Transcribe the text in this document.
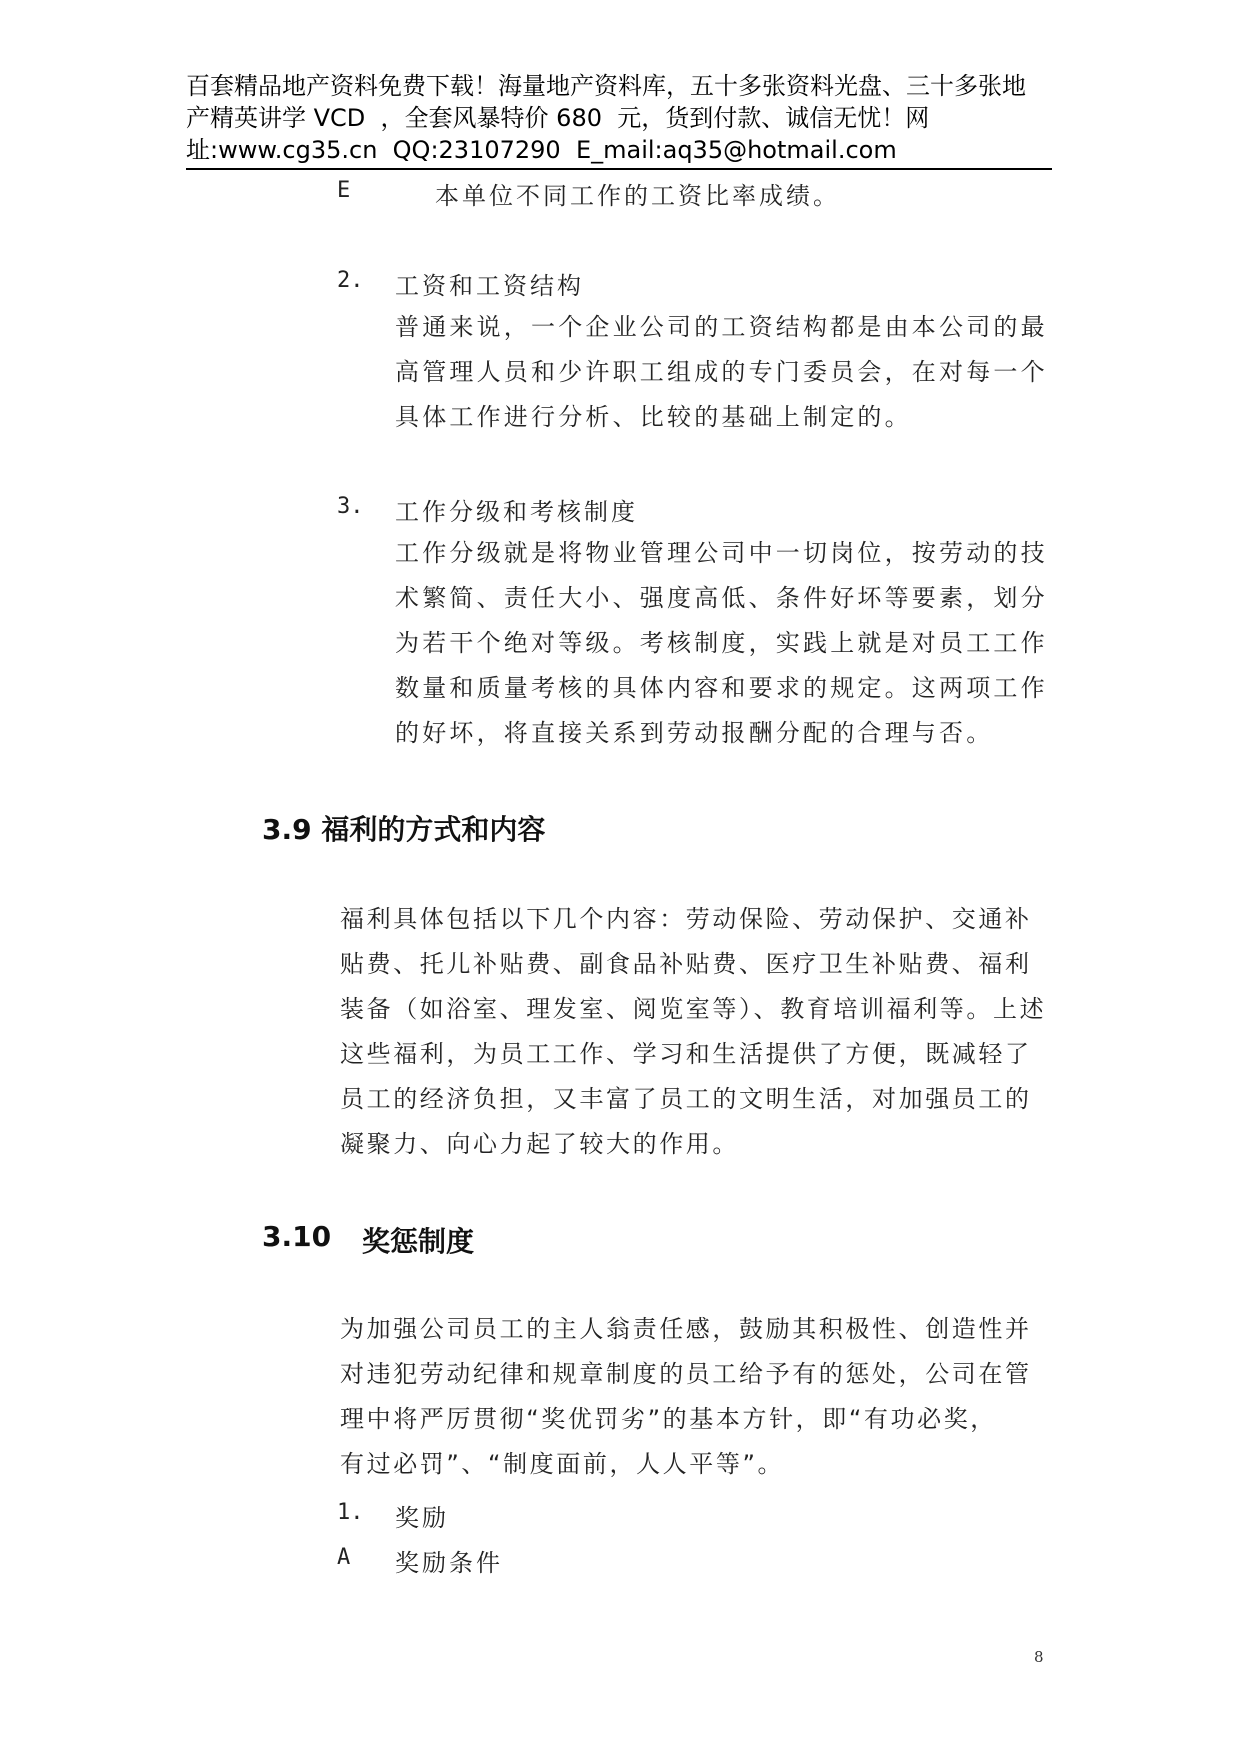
百套精品地产资料免费下载！海量地产资料库，五十多张资料光盘、三十多张地
产精英讲学 VCD  ，全套风暴特价 680  元，货到付款、诚信无忧！网
址:www.cg35.cn  QQ:23107290  E_mail:aq35@hotmail.com
E	本单位不同工作的工资比率成绩。
2. 工资和工资结构
普通来说，一个企业公司的工资结构都是由本公司的最
高管理人员和少许职工组成的专门委员会，在对每一个
具体工作进行分析、比较的基础上制定的。
3. 工作分级和考核制度
工作分级就是将物业管理公司中一切岗位，按劳动的技
术繁简、责任大小、强度高低、条件好坏等要素，划分
为若干个绝对等级。考核制度，实践上就是对员工工作
数量和质量考核的具体内容和要求的规定。这两项工作
的好坏，将直接关系到劳动报酬分配的合理与否。
3.9 福利的方式和内容
福利具体包括以下几个内容：劳动保险、劳动保护、交通补
贴费、托儿补贴费、副食品补贴费、医疗卫生补贴费、福利
装备（如浴室、理发室、阅览室等）、教育培训福利等。上述
这些福利，为员工工作、学习和生活提供了方便，既减轻了
员工的经济负担，又丰富了员工的文明生活，对加强员工的
凝聚力、向心力起了较大的作用。
3.10 奖惩制度
为加强公司员工的主人翁责任感，鼓励其积极性、创造性并
对违犯劳动纪律和规章制度的员工给予有的惩处，公司在管
理中将严厉贯彻“奖优罚劣”的基本方针，即“有功必奖，
有过必罚”、“制度面前，人人平等”。
1. 奖励
A 奖励条件
8
